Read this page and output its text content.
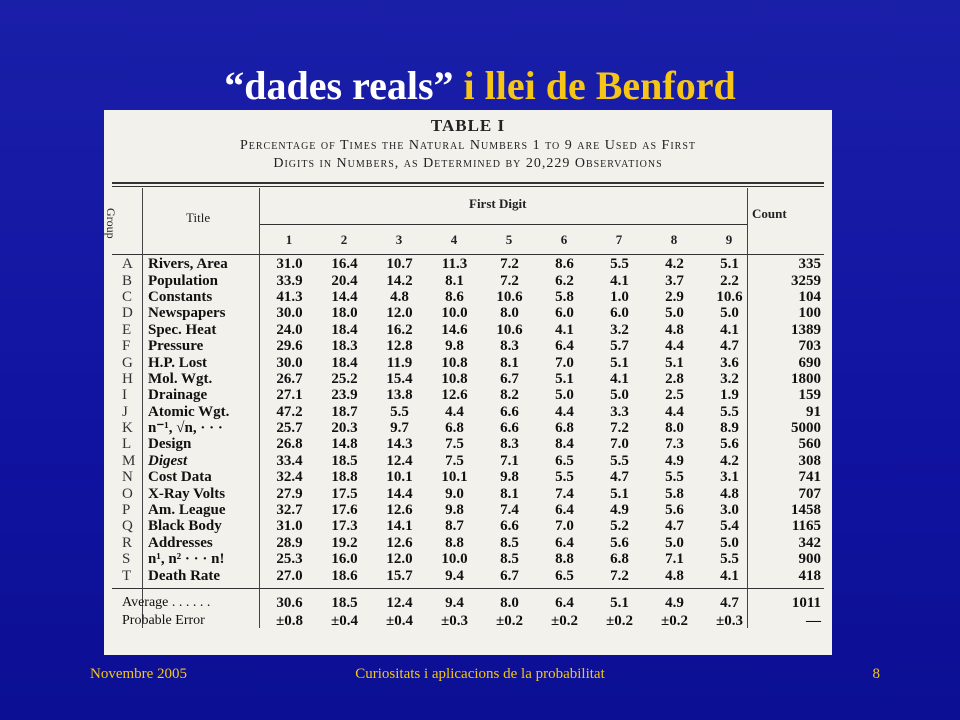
“dades reals” i llei de Benford
TABLE I
Percentage of Times the Natural Numbers 1 to 9 are Used as First
Digits in Numbers, as Determined by 20,229 Observations
Group	Title
First Digit
Count
1	2	3	4	5	6	7	8	9
A	Rivers, Area	31.0	16.4	10.7	11.3	7.2	8.6	5.5	4.2	5.1	335
B	Population	33.9	20.4	14.2	8.1	7.2	6.2	4.1	3.7	2.2	3259
C	Constants	41.3	14.4	4.8	8.6	10.6	5.8	1.0	2.9	10.6	104
D	Newspapers	30.0	18.0	12.0	10.0	8.0	6.0	6.0	5.0	5.0	100
E	Spec. Heat	24.0	18.4	16.2	14.6	10.6	4.1	3.2	4.8	4.1	1389
F	Pressure	29.6	18.3	12.8	9.8	8.3	6.4	5.7	4.4	4.7	703
G	H.P. Lost	30.0	18.4	11.9	10.8	8.1	7.0	5.1	5.1	3.6	690
H	Mol. Wgt.	26.7	25.2	15.4	10.8	6.7	5.1	4.1	2.8	3.2	1800
I	Drainage	27.1	23.9	13.8	12.6	8.2	5.0	5.0	2.5	1.9	159
J	Atomic Wgt.	47.2	18.7	5.5	4.4	6.6	4.4	3.3	4.4	5.5	91
K	n⁻¹, √n, · · ·	25.7	20.3	9.7	6.8	6.6	6.8	7.2	8.0	8.9	5000
L	Design	26.8	14.8	14.3	7.5	8.3	8.4	7.0	7.3	5.6	560
M	Digest	33.4	18.5	12.4	7.5	7.1	6.5	5.5	4.9	4.2	308
N	Cost Data	32.4	18.8	10.1	10.1	9.8	5.5	4.7	5.5	3.1	741
O	X-Ray Volts	27.9	17.5	14.4	9.0	8.1	7.4	5.1	5.8	4.8	707
P	Am. League	32.7	17.6	12.6	9.8	7.4	6.4	4.9	5.6	3.0	1458
Q	Black Body	31.0	17.3	14.1	8.7	6.6	7.0	5.2	4.7	5.4	1165
R	Addresses	28.9	19.2	12.6	8.8	8.5	6.4	5.6	5.0	5.0	342
S	n¹, n² · · · n!	25.3	16.0	12.0	10.0	8.5	8.8	6.8	7.1	5.5	900
T	Death Rate	27.0	18.6	15.7	9.4	6.7	6.5	7.2	4.8	4.1	418
Average . . . . . .	30.6	18.5	12.4	9.4	8.0	6.4	5.1	4.9	4.7	1011
Probable Error	±0.8	±0.4	±0.4	±0.3	±0.2	±0.2	±0.2	±0.2	±0.3	—
Novembre 2005	Curiositats i aplicacions de la probabilitat	8
